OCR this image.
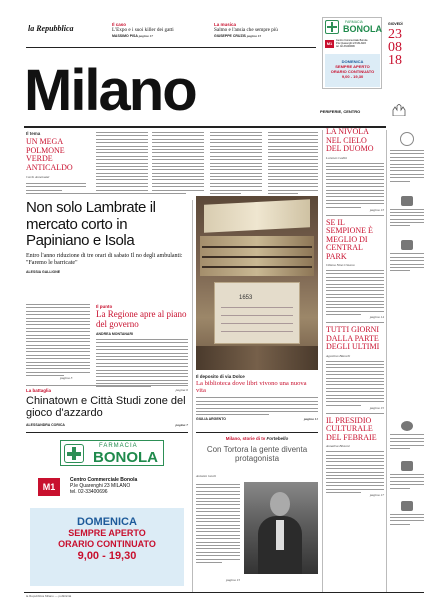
la Repubblica	Il caso
L'Expo e i suoi killer dei gatti
MASSIMO PISA pagina 17
La musica
Salmo e l'ansia che sempre più
GIUSEPPE CRUZIS pagina 15
FARMACIA
BONOLA
M1
Centro Commerciale Bonola
P.le Quarenghi 23 MILANO
tel. 02-33400696
DOMENICA
SEMPRE APERTO
ORARIO CONTINUATO
9,00 - 19,30
GIOVEDÌ
23
08
18
Milano	PERIFERIE, CENTRO
Il tema
UN MEGA POLMONE VERDE ANTICALDO
Carlo Annovazzi
Non solo Lambrate il mercato corto in Papiniano e Isola
Entro l'anno riduzione di tre orari di sabato Il no degli ambulanti: "Faremo le barricate"
ALESSIA GALLIONE
Il punto
La Regione apre al piano del governo
ANDREA MONTANARI
pagina 6
pagina 3
La battaglia
Chinatown e Città Studi zone del gioco d'azzardo
ALESSANDRA CORICA	pagina 7
FARMACIA
BONOLA
M1
Centro Commerciale Bonola
P.le Quarenghi 23 MILANO
tel. 02-33400696
DOMENICA
SEMPRE APERTO
ORARIO CONTINUATO
9,00 - 19,30
1653
Il deposito di via Dolce
La biblioteca dove libri vivono una nuova vita
GIULIA ARGENTO	pagina 11
Milano, storie di tv Fortebello
Con Tortora la gente diventa protagonista
Antonio Gnoli
pagina 15
LA NIVOLA NEL CIELO DEL DUOMO
Lorenzo Gobbi
pagina 13
SE IL SEMPIONE È MEGLIO DI CENTRAL PARK
Oliana Nino Umano
pagina 14
TUTTI GIORNI DALLA PARTE DEGLI ULTIMI
Agostino Bianchi
pagina 15
IL PRESIDIO CULTURALE DEL FEBRAIE
Annalisa Bissoni
pagina 17
la Repubblica Milano — pubblicità
